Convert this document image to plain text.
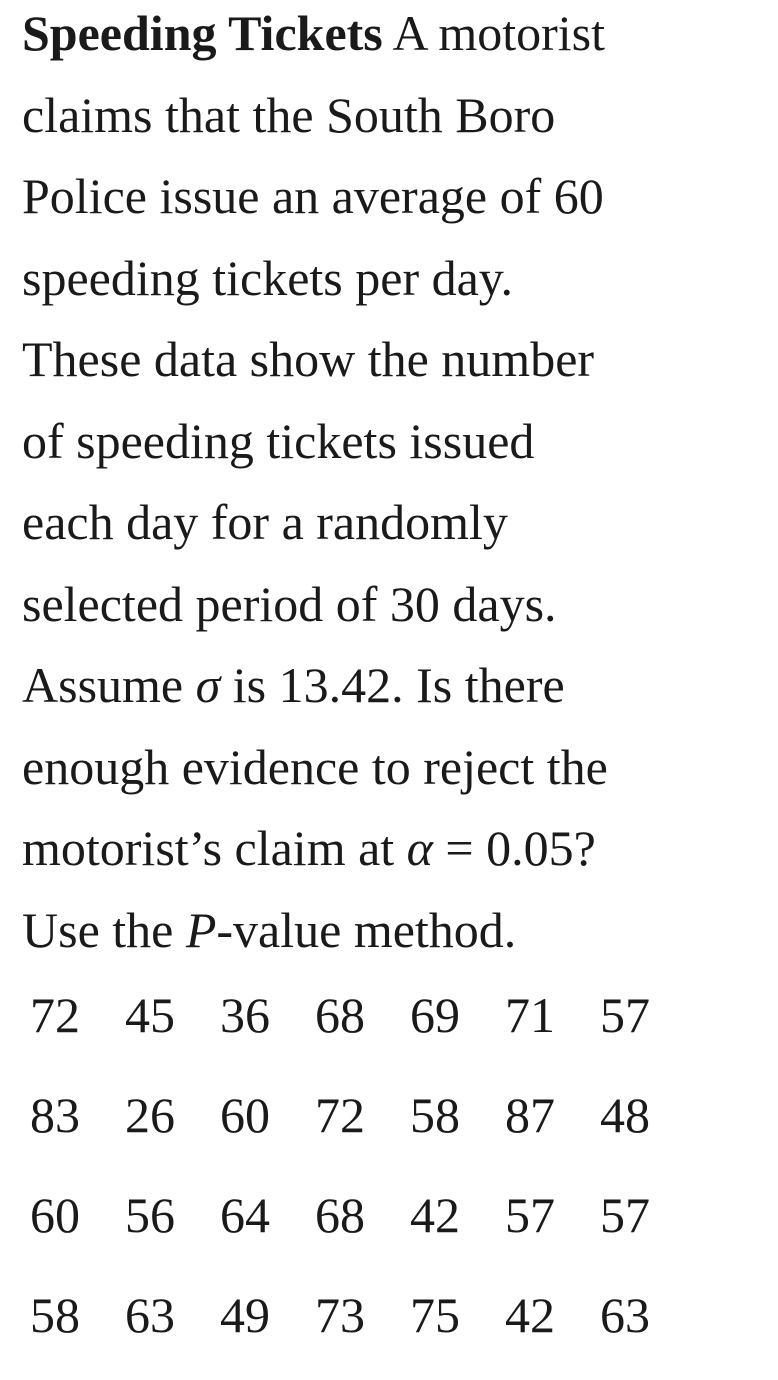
Speeding Tickets A motorist
claims that the South Boro
Police issue an average of 60
speeding tickets per day.
These data show the number
of speeding tickets issued
each day for a randomly
selected period of 30 days.
Assume σ is 13.42. Is there
enough evidence to reject the
motorist’s claim at α = 0.05?
Use the P-value method.
72	45	36	68	69	71	57
83	26	60	72	58	87	48
60	56	64	68	42	57	57
58	63	49	73	75	42	63
